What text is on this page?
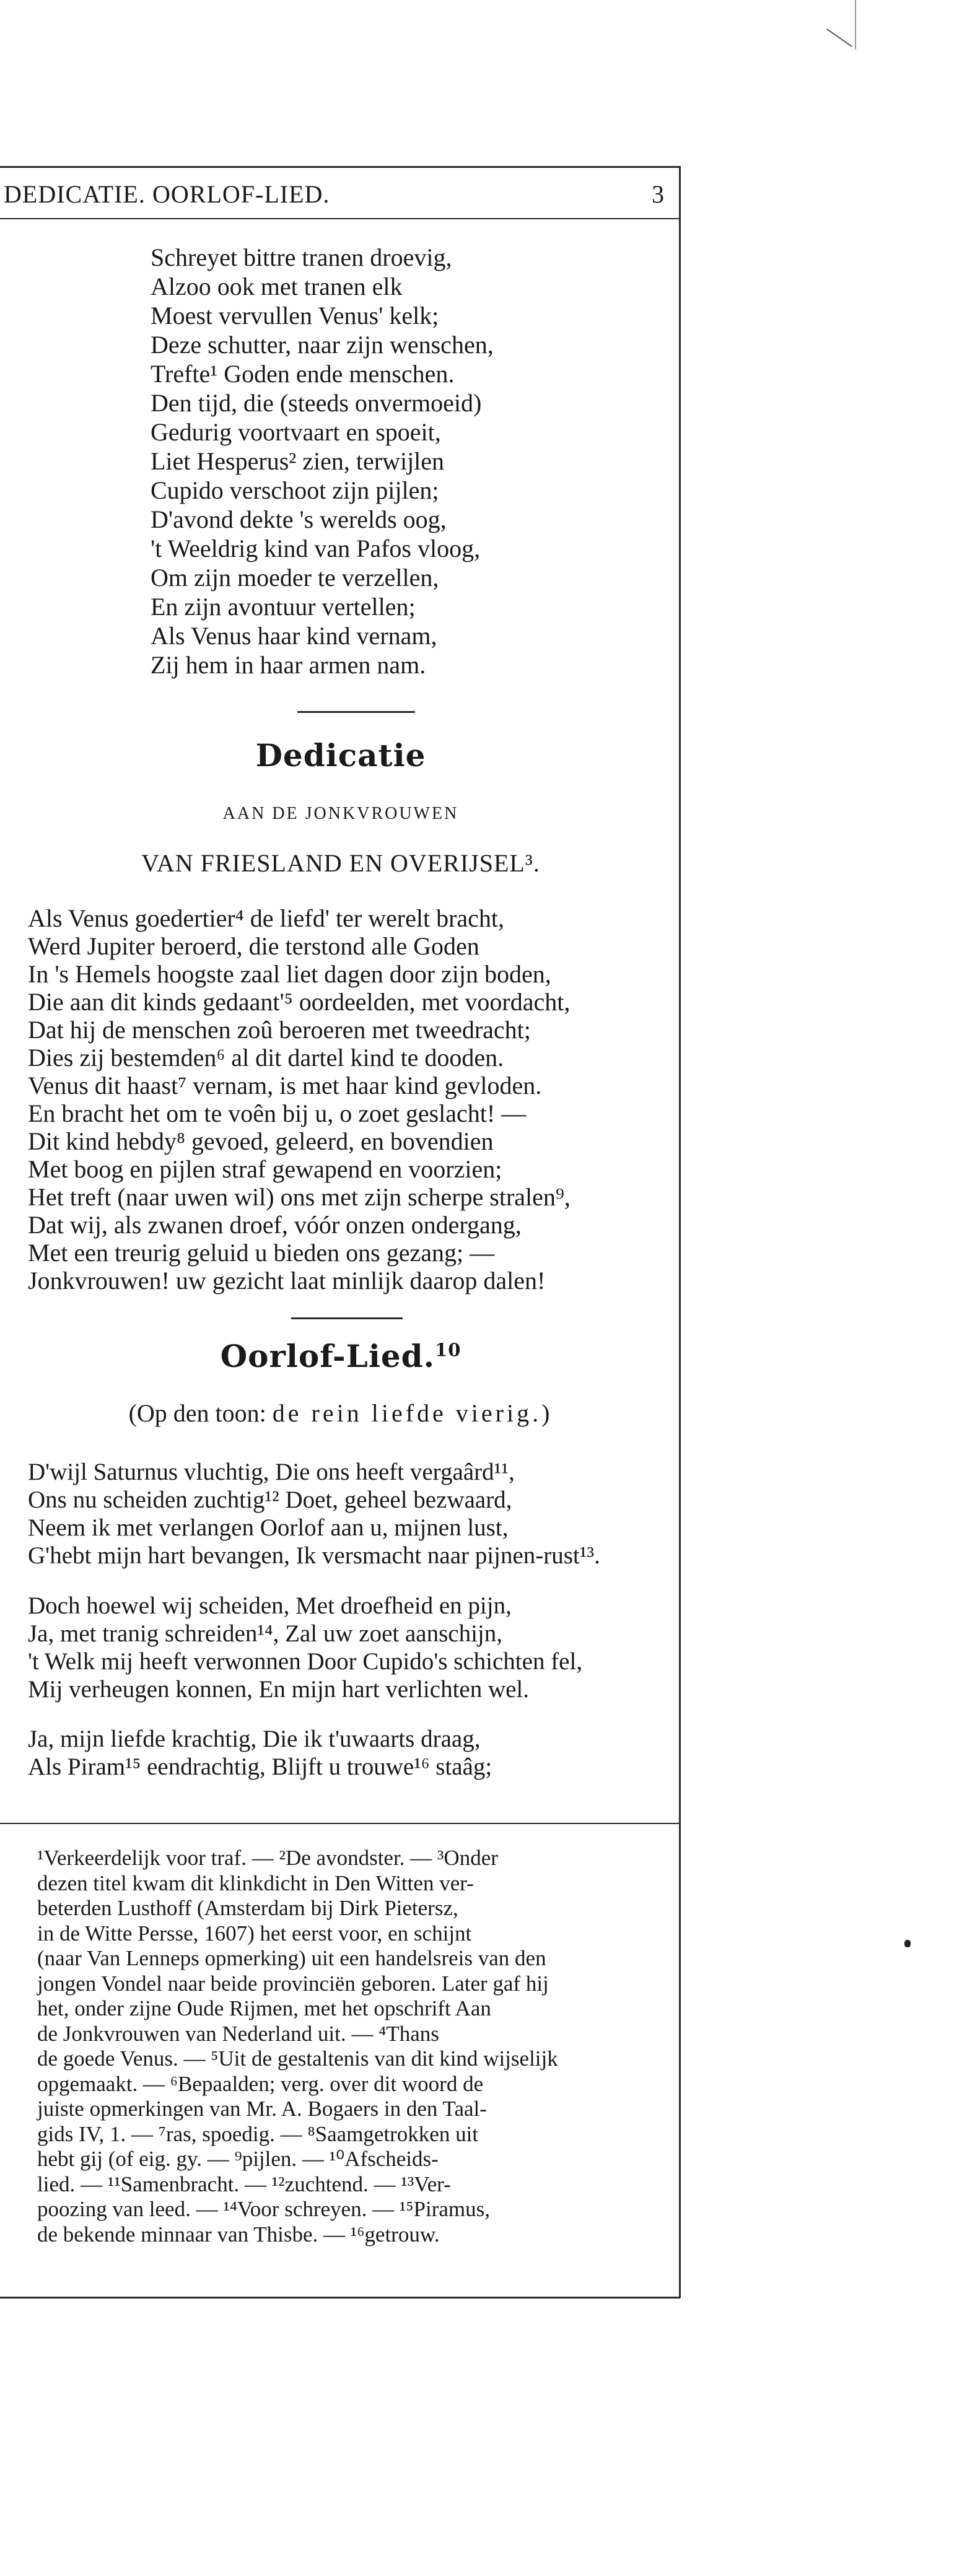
DEDICATIE. OORLOF-LIED.	3
Schreyet bittre tranen droevig,
Alzoo ook met tranen elk
Moest vervullen Venus' kelk;
Deze schutter, naar zijn wenschen,
Trefte¹ Goden ende menschen.
Den tijd, die (steeds onvermoeid)
Gedurig voortvaart en spoeit,
Liet Hesperus² zien, terwijlen
Cupido verschoot zijn pijlen;
D'avond dekte 's werelds oog,
't Weeldrig kind van Pafos vloog,
Om zijn moeder te verzellen,
En zijn avontuur vertellen;
Als Venus haar kind vernam,
Zij hem in haar armen nam.
Dedicatie
AAN DE JONKVROUWEN
VAN FRIESLAND EN OVERIJSEL³.
Als Venus goedertier⁴ de liefd' ter werelt bracht,
Werd Jupiter beroerd, die terstond alle Goden
In 's Hemels hoogste zaal liet dagen door zijn boden,
Die aan dit kinds gedaant'⁵ oordeelden, met voordacht,
Dat hij de menschen zoû beroeren met tweedracht;
Dies zij bestemden⁶ al dit dartel kind te dooden.
Venus dit haast⁷ vernam, is met haar kind gevloden.
En bracht het om te voên bij u, o zoet geslacht! —
Dit kind hebdy⁸ gevoed, geleerd, en bovendien
Met boog en pijlen straf gewapend en voorzien;
Het treft (naar uwen wil) ons met zijn scherpe stralen⁹,
Dat wij, als zwanen droef, vóór onzen ondergang,
Met een treurig geluid u bieden ons gezang; —
Jonkvrouwen! uw gezicht laat minlijk daarop dalen!
Oorlof-Lied.$^{10}$
(Op den toon: de rein liefde vierig.)
D'wijl Saturnus vluchtig, Die ons heeft vergaârd¹¹,
Ons nu scheiden zuchtig¹² Doet, geheel bezwaard,
Neem ik met verlangen Oorlof aan u, mijnen lust,
G'hebt mijn hart bevangen, Ik versmacht naar pijnen-rust¹³.
Doch hoewel wij scheiden, Met droefheid en pijn,
Ja, met tranig schreiden¹⁴, Zal uw zoet aanschijn,
't Welk mij heeft verwonnen Door Cupido's schichten fel,
Mij verheugen konnen, En mijn hart verlichten wel.
Ja, mijn liefde krachtig, Die ik t'uwaarts draag,
Als Piram¹⁵ eendrachtig, Blijft u trouwe¹⁶ staâg;
¹Verkeerdelijk voor traf. — ²De avondster. — ³Onder
dezen titel kwam dit klinkdicht in Den Witten ver-
beterden Lusthoff (Amsterdam bij Dirk Pietersz,
in de Witte Persse, 1607) het eerst voor, en schijnt
(naar Van Lenneps opmerking) uit een handelsreis van den
jongen Vondel naar beide provinciën geboren. Later gaf hij
het, onder zijne Oude Rijmen, met het opschrift Aan
de Jonkvrouwen van Nederland uit. — ⁴Thans
de goede Venus. — ⁵Uit de gestaltenis van dit kind wijselijk
opgemaakt. — ⁶Bepaalden; verg. over dit woord de
juiste opmerkingen van Mr. A. Bogaers in den Taal-
gids IV, 1. — ⁷ras, spoedig. — ⁸Saamgetrokken uit
hebt gij (of eig. gy. — ⁹pijlen. — ¹⁰Afscheids-
lied. — ¹¹Samenbracht. — ¹²zuchtend. — ¹³Ver-
poozing van leed. — ¹⁴Voor schreyen. — ¹⁵Piramus,
de bekende minnaar van Thisbe. — ¹⁶getrouw.
